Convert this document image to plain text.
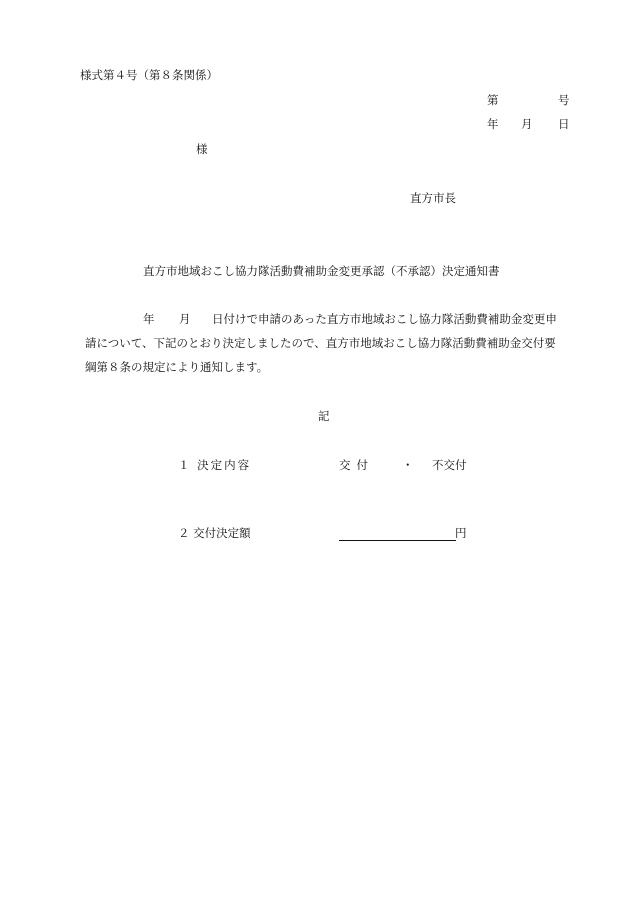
様式第４号（第８条関係）
第	号
年 月 日
様
直方市長
直方市地域おこし協力隊活動費補助金変更承認（不承認）決定通知書
年 月 日付けで申請のあった直方市地域おこし協力隊活動費補助金変更申
請について、下記のとおり決定しましたので、直方市地域おこし協力隊活動費補助金交付要
綱第８条の規定により通知します。
記
１ 決定内容	交付 ・ 不交付
２ 交付決定額	円
